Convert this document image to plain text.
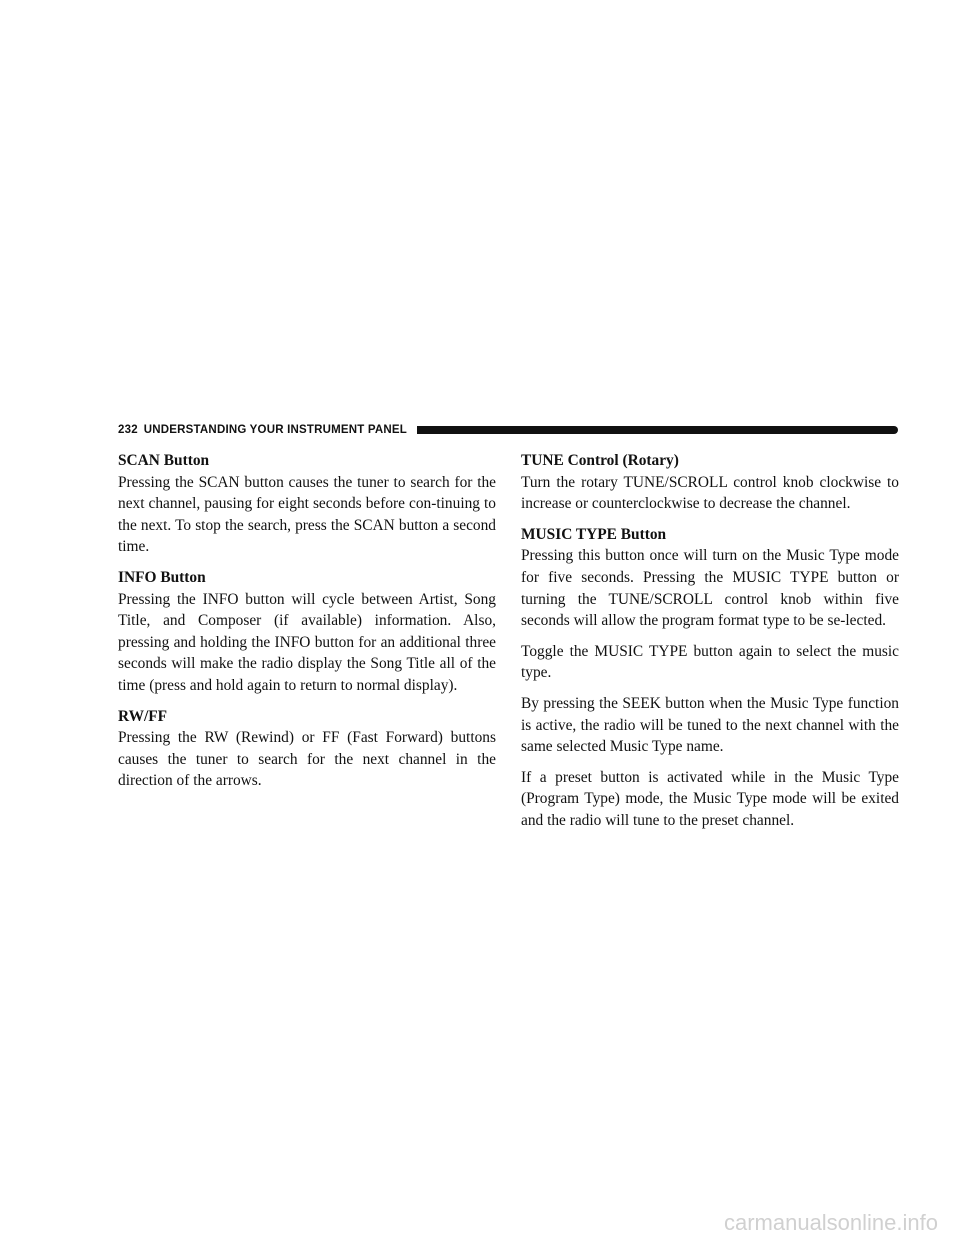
232 UNDERSTANDING YOUR INSTRUMENT PANEL

SCAN Button

Pressing the SCAN button causes the tuner to search for the next channel, pausing for eight seconds before con-tinuing to the next. To stop the search, press the SCAN button a second time.

INFO Button

Pressing the INFO button will cycle between Artist, Song Title, and Composer (if available) information. Also, pressing and holding the INFO button for an additional three seconds will make the radio display the Song Title all of the time (press and hold again to return to normal display).

RW/FF

Pressing the RW (Rewind) or FF (Fast Forward) buttons causes the tuner to search for the next channel in the direction of the arrows.

TUNE Control (Rotary)

Turn the rotary TUNE/SCROLL control knob clockwise to increase or counterclockwise to decrease the channel.

MUSIC TYPE Button

Pressing this button once will turn on the Music Type mode for five seconds. Pressing the MUSIC TYPE button or turning the TUNE/SCROLL control knob within five seconds will allow the program format type to be se-lected.

Toggle the MUSIC TYPE button again to select the music type.

By pressing the SEEK button when the Music Type function is active, the radio will be tuned to the next channel with the same selected Music Type name.

If a preset button is activated while in the Music Type (Program Type) mode, the Music Type mode will be exited and the radio will tune to the preset channel.

carmanualsonline.info
